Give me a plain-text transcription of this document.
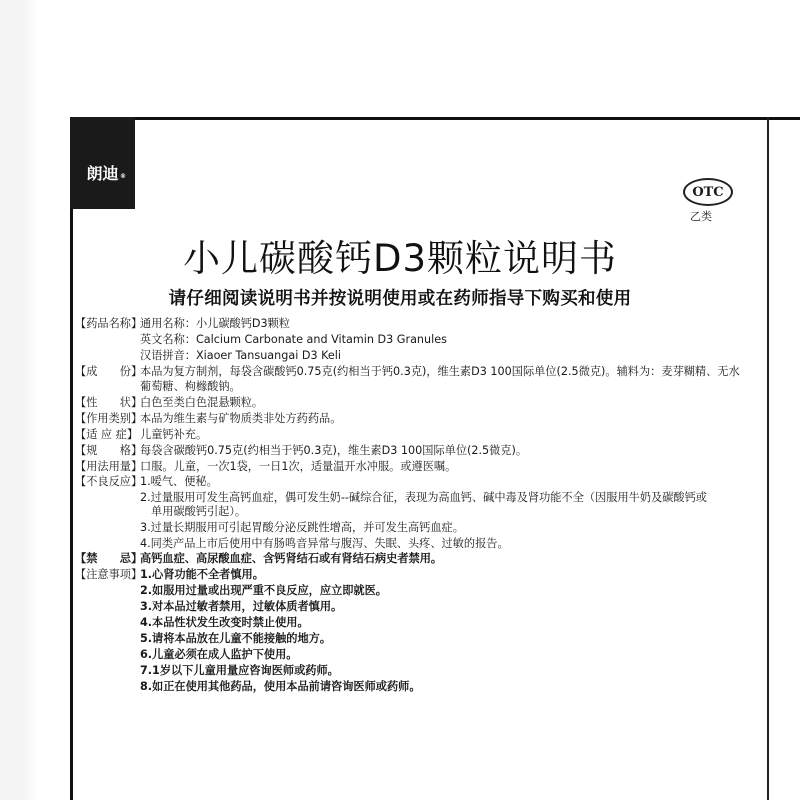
朗迪 ®
OTC
乙类
小儿碳酸钙D3颗粒说明书
请仔细阅读说明书并按说明使用或在药师指导下购买和使用
【药品名称】
通用名称：小儿碳酸钙D3颗粒
英文名称：Calcium Carbonate and Vitamin D3 Granules
汉语拼音：Xiaoer Tansuangai D3 Keli
【成　　份】
本品为复方制剂，每袋含碳酸钙0.75克(约相当于钙0.3克)，维生素D3 100国际单位(2.5微克)。辅料为：麦芽糊精、无水
葡萄糖、枸橼酸钠。
【性　　状】
白色至类白色混悬颗粒。
【作用类别】
本品为维生素与矿物质类非处方药药品。
【适 应 症】 儿童钙补充。
【规　　格】
每袋含碳酸钙0.75克(约相当于钙0.3克)，维生素D3 100国际单位(2.5微克)。
【用法用量】
口服。儿童，一次1袋，一日1次，适量温开水冲服。或遵医嘱。
【不良反应】
1.嗳气、便秘。
2.过量服用可发生高钙血症，偶可发生奶--碱综合征，表现为高血钙、碱中毒及肾功能不全（因服用牛奶及碳酸钙或
单用碳酸钙引起）。
3.过量长期服用可引起胃酸分泌反跳性增高，并可发生高钙血症。
4.同类产品上市后使用中有肠鸣音异常与腹泻、失眠、头疼、过敏的报告。
【禁　　忌】
高钙血症、高尿酸血症、含钙肾结石或有肾结石病史者禁用。
【注意事项】
1.心肾功能不全者慎用。
2.如服用过量或出现严重不良反应，应立即就医。
3.对本品过敏者禁用，过敏体质者慎用。
4.本品性状发生改变时禁止使用。
5.请将本品放在儿童不能接触的地方。
6.儿童必须在成人监护下使用。
7.1岁以下儿童用量应咨询医师或药师。
8.如正在使用其他药品，使用本品前请咨询医师或药师。
